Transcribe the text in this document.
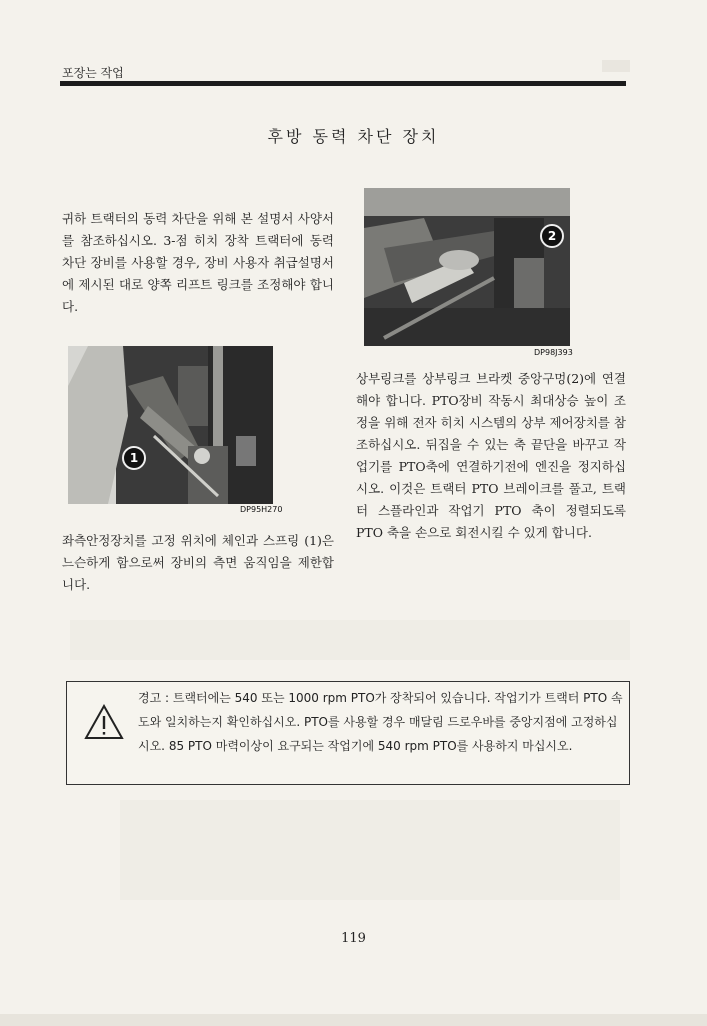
포장는 작업
후방 동력 차단 장치

귀하 트랙터의 동력 차단을 위해 본 설명서 사양서를 참조하십시오. 3-점 히치 장착 트랙터에 동력 차단 장비를 사용할 경우, 장비 사용자 취급설명서에 제시된 대로 양쪽 리프트 링크를 조정해야 합니다.

1
DP95H270

좌측안정장치를 고정 위치에 체인과 스프링 (1)은 느슨하게 함으로써 장비의 측면 움직임을 제한합니다.

2
DP98J393

상부링크를 상부링크 브라켓 중앙구멍(2)에 연결해야 합니다. PTO장비 작동시 최대상승 높이 조정을 위해 전자 히치 시스템의 상부 제어장치를 참조하십시오. 뒤집을 수 있는 축 끝단을 바꾸고 작업기를 PTO축에 연결하기전에 엔진을 정지하십시오. 이것은 트랙터 PTO 브레이크를 풀고, 트랙터 스플라인과 작업기 PTO 축이 정렬되도록 PTO 축을 손으로 회전시킬 수 있게 합니다.

경고 : 트랙터에는 540 또는 1000 rpm PTO가 장착되어 있습니다. 작업기가 트랙터 PTO 속도와 일치하는지 확인하십시오. PTO를 사용할 경우 매달림 드로우바를 중앙지점에 고정하십시오. 85 PTO 마력이상이 요구되는 작업기에 540 rpm PTO를 사용하지 마십시오.

119
